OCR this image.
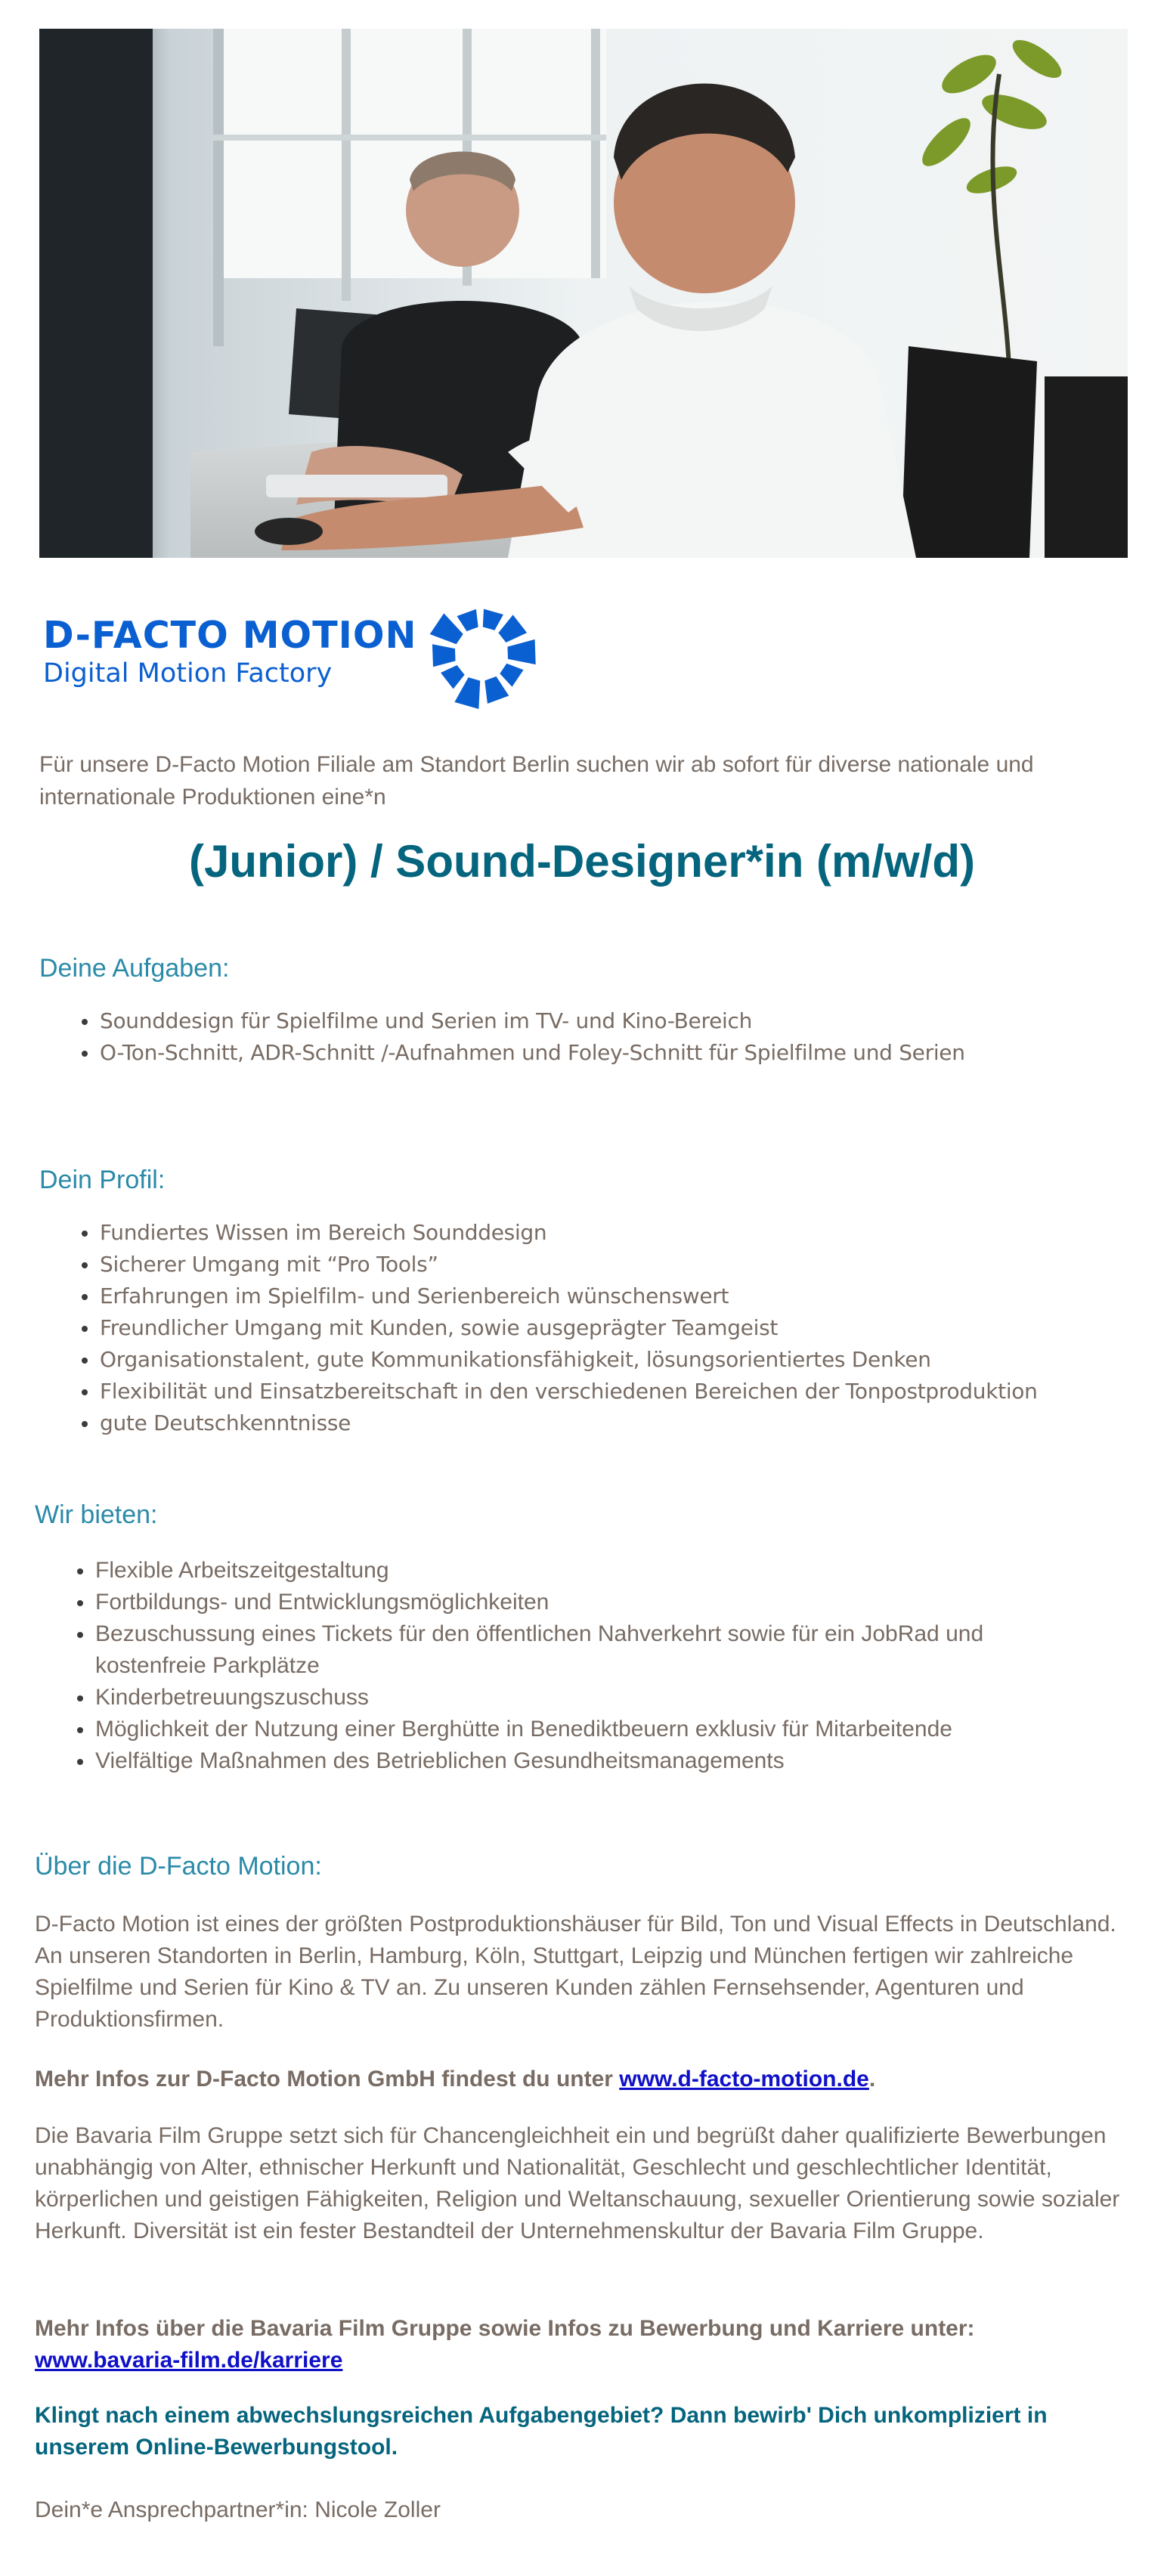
D-FACTO MOTION
Digital Motion Factory

Für unsere D-Facto Motion Filiale am Standort Berlin suchen wir ab sofort für diverse nationale und internationale Produktionen eine*n

(Junior) / Sound-Designer*in (m/w/d)
Deine Aufgaben:
Sounddesign für Spielfilme und Serien im TV- und Kino-Bereich
O-Ton-Schnitt, ADR-Schnitt /-Aufnahmen und Foley-Schnitt für Spielfilme und Serien
Dein Profil:
Fundiertes Wissen im Bereich Sounddesign
Sicherer Umgang mit “Pro Tools”
Erfahrungen im Spielfilm- und Serienbereich wünschenswert
Freundlicher Umgang mit Kunden, sowie ausgeprägter Teamgeist
Organisationstalent, gute Kommunikationsfähigkeit, lösungsorientiertes Denken
Flexibilität und Einsatzbereitschaft in den verschiedenen Bereichen der Tonpostproduktion
gute Deutschkenntnisse
Wir bieten:
Flexible Arbeitszeitgestaltung
Fortbildungs- und Entwicklungsmöglichkeiten
Bezuschussung eines Tickets für den öffentlichen Nahverkehrt sowie für ein JobRad und kostenfreie Parkplätze
Kinderbetreuungszuschuss
Möglichkeit der Nutzung einer Berghütte in Benediktbeuern exklusiv für Mitarbeitende
Vielfältige Maßnahmen des Betrieblichen Gesundheitsmanagements
Über die D-Facto Motion:

D-Facto Motion ist eines der größten Postproduktionshäuser für Bild, Ton und Visual Effects in Deutschland. An unseren Standorten in Berlin, Hamburg, Köln, Stuttgart, Leipzig und München fertigen wir zahlreiche Spielfilme und Serien für Kino & TV an. Zu unseren Kunden zählen Fernsehsender, Agenturen und Produktionsfirmen.

Mehr Infos zur D-Facto Motion GmbH findest du unter www.d-facto-motion.de.

Die Bavaria Film Gruppe setzt sich für Chancengleichheit ein und begrüßt daher qualifizierte Bewerbungen unabhängig von Alter, ethnischer Herkunft und Nationalität, Geschlecht und geschlechtlicher Identität, körperlichen und geistigen Fähigkeiten, Religion und Weltanschauung, sexueller Orientierung sowie sozialer Herkunft. Diversität ist ein fester Bestandteil der Unternehmenskultur der Bavaria Film Gruppe.

Mehr Infos über die Bavaria Film Gruppe sowie Infos zu Bewerbung und Karriere unter:
www.bavaria-film.de/karriere

Klingt nach einem abwechslungsreichen Aufgabengebiet? Dann bewirb' Dich unkompliziert in unserem Online-Bewerbungstool.

Dein*e Ansprechpartner*in: Nicole Zoller
